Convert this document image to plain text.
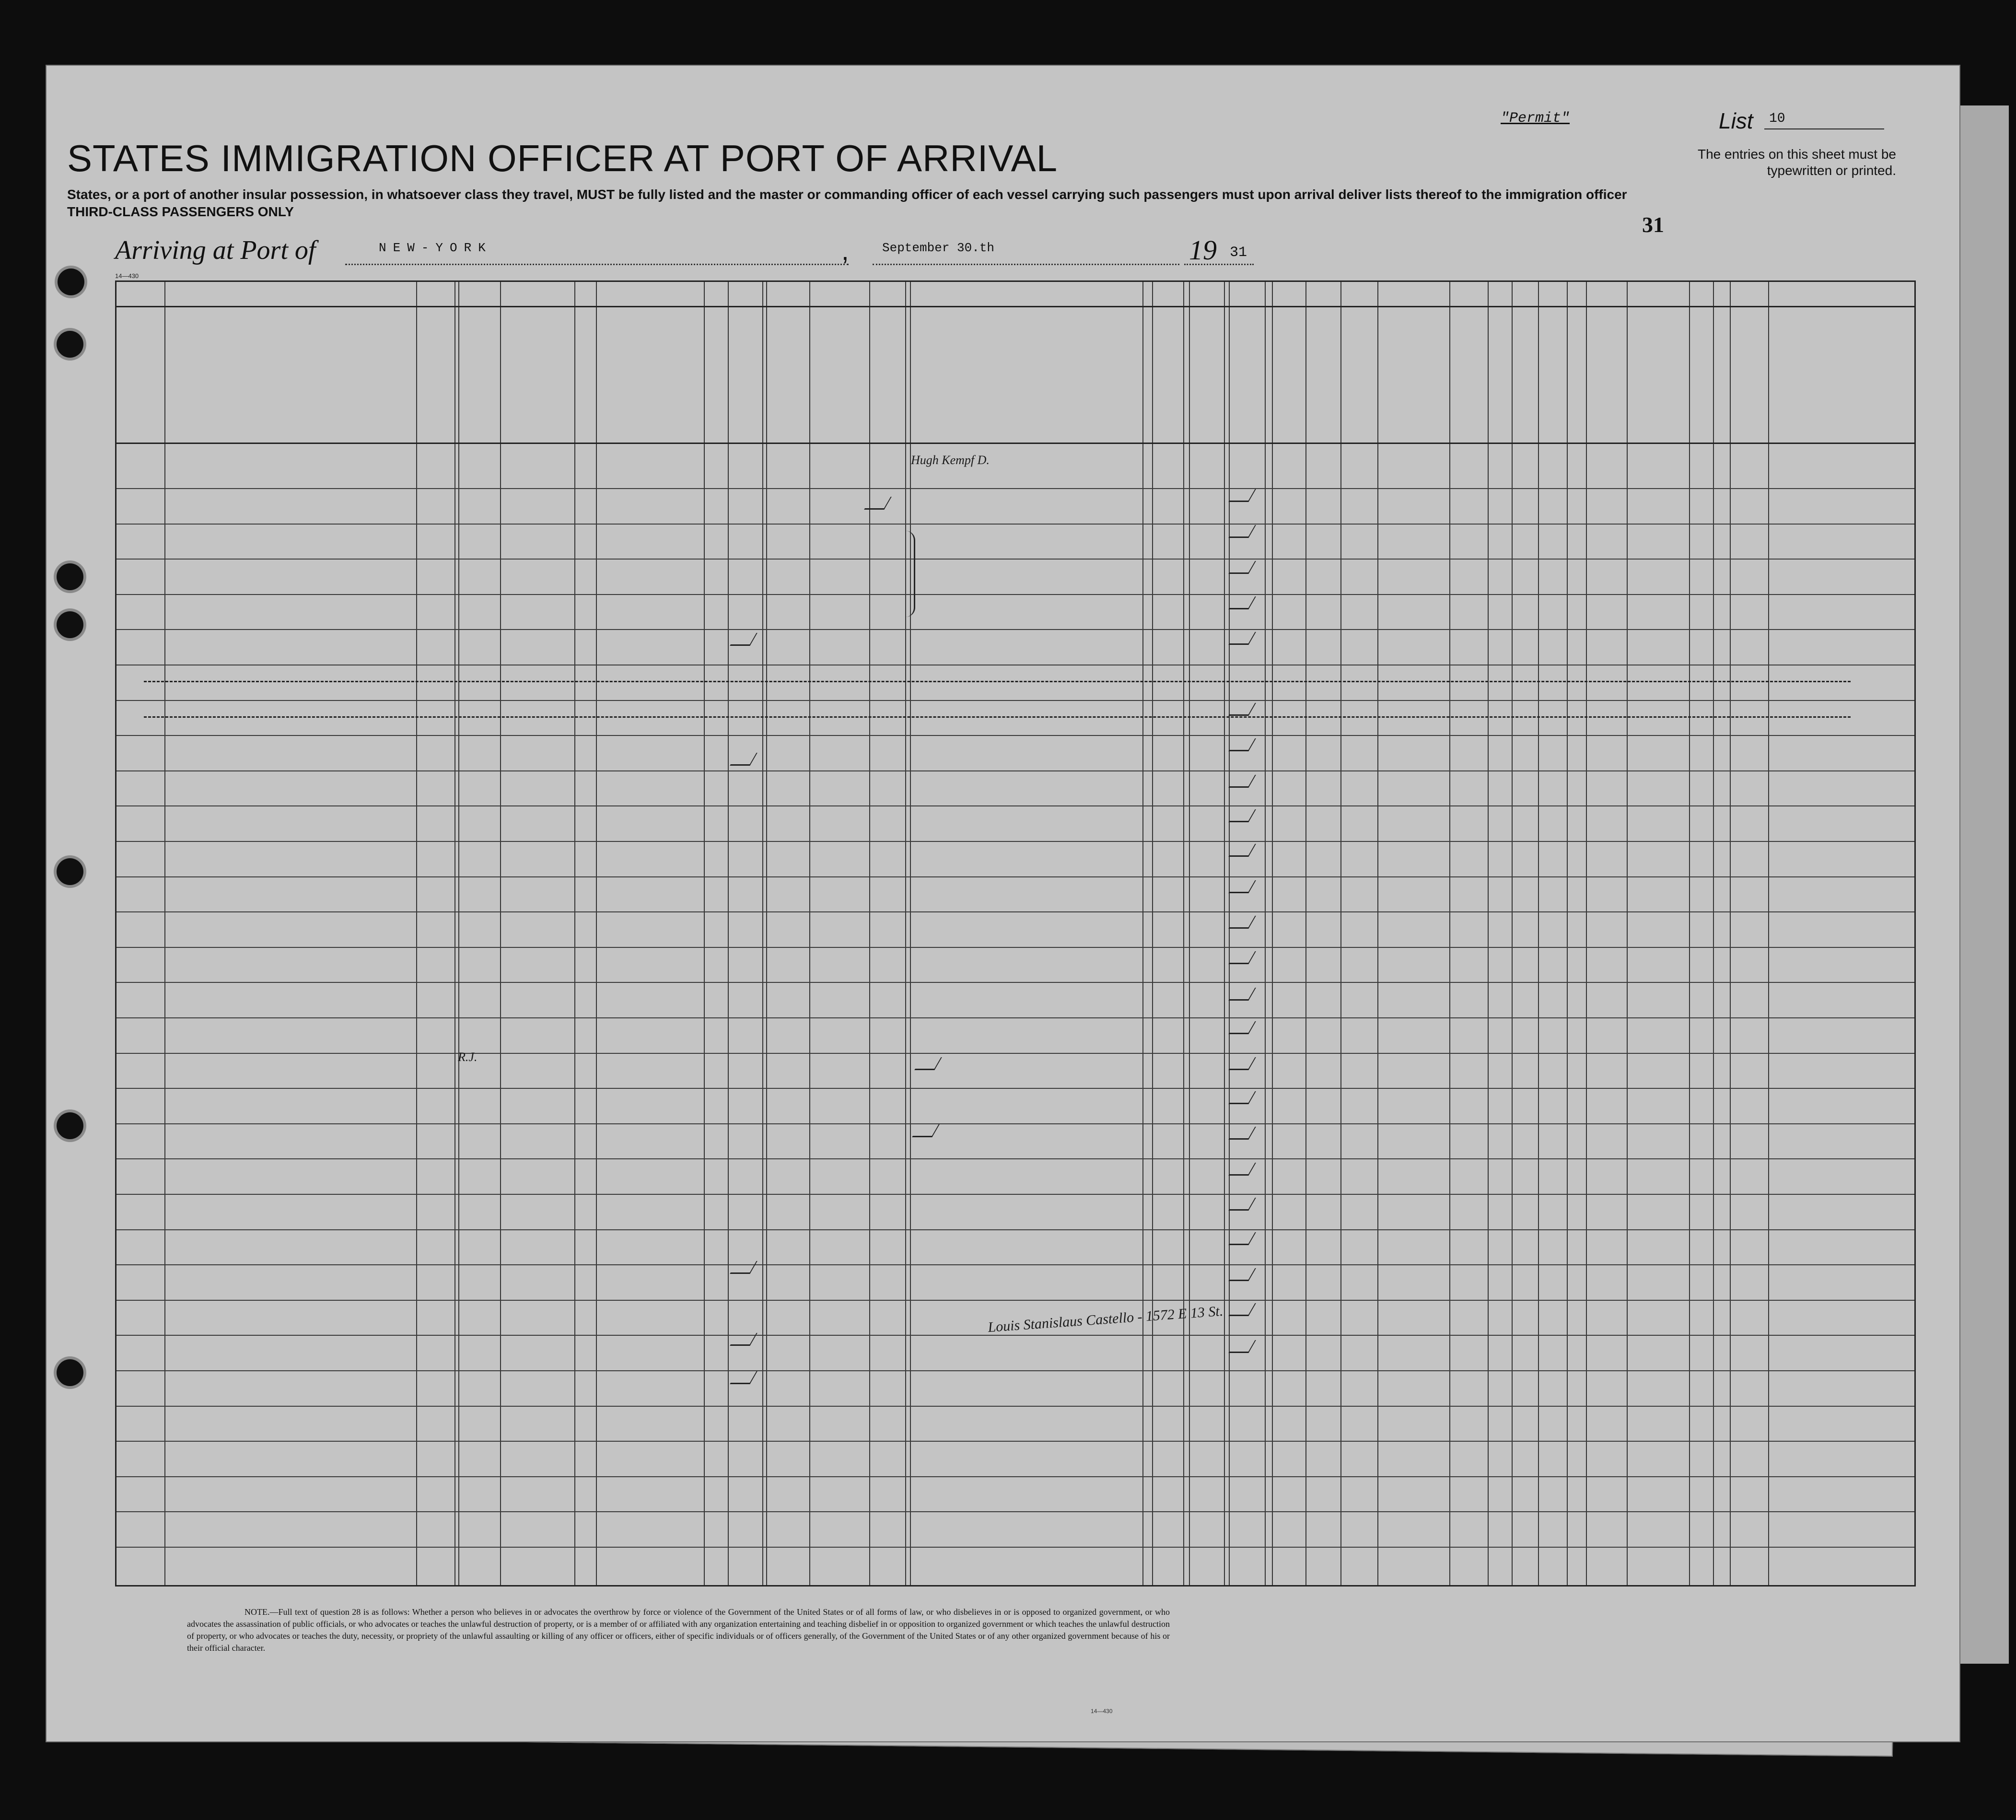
STATES IMMIGRATION OFFICER AT PORT OF ARRIVAL
"Permit"	List 10
The entries on this sheet must be typewritten or printed.
States, or a port of another insular possession, in whatsoever class they travel, MUST be fully listed and the master or commanding officer of each vessel carrying such passengers must upon arrival deliver lists thereof to the immigration officer
THIRD-CLASS PASSENGERS ONLY
31
Arriving at Port of	NEW-YORK	,	September 30.th	19 31
14—430
NOTE.—Full text of question 28 is as follows: Whether a person who believes in or advocates the overthrow by force or violence of the Government of the United States or of all forms of law, or who disbelieves in or is opposed to organized government, or who advocates the assassination of public officials, or who advocates or teaches the unlawful destruction of property, or is a member of or affiliated with any organization entertaining and teaching disbelief in or opposition to organized government or which teaches the unlawful destruction of property, or who advocates or teaches the duty, necessity, or propriety of the unlawful assaulting or killing of any officer or officers, either of specific individuals or of officers generally, of the Government of the United States or of any other organized government because of his or their official character.
14—430
Hugh Kempf D.
Louis Stanislaus Castello - 1572 E 13 St.
R.J.
